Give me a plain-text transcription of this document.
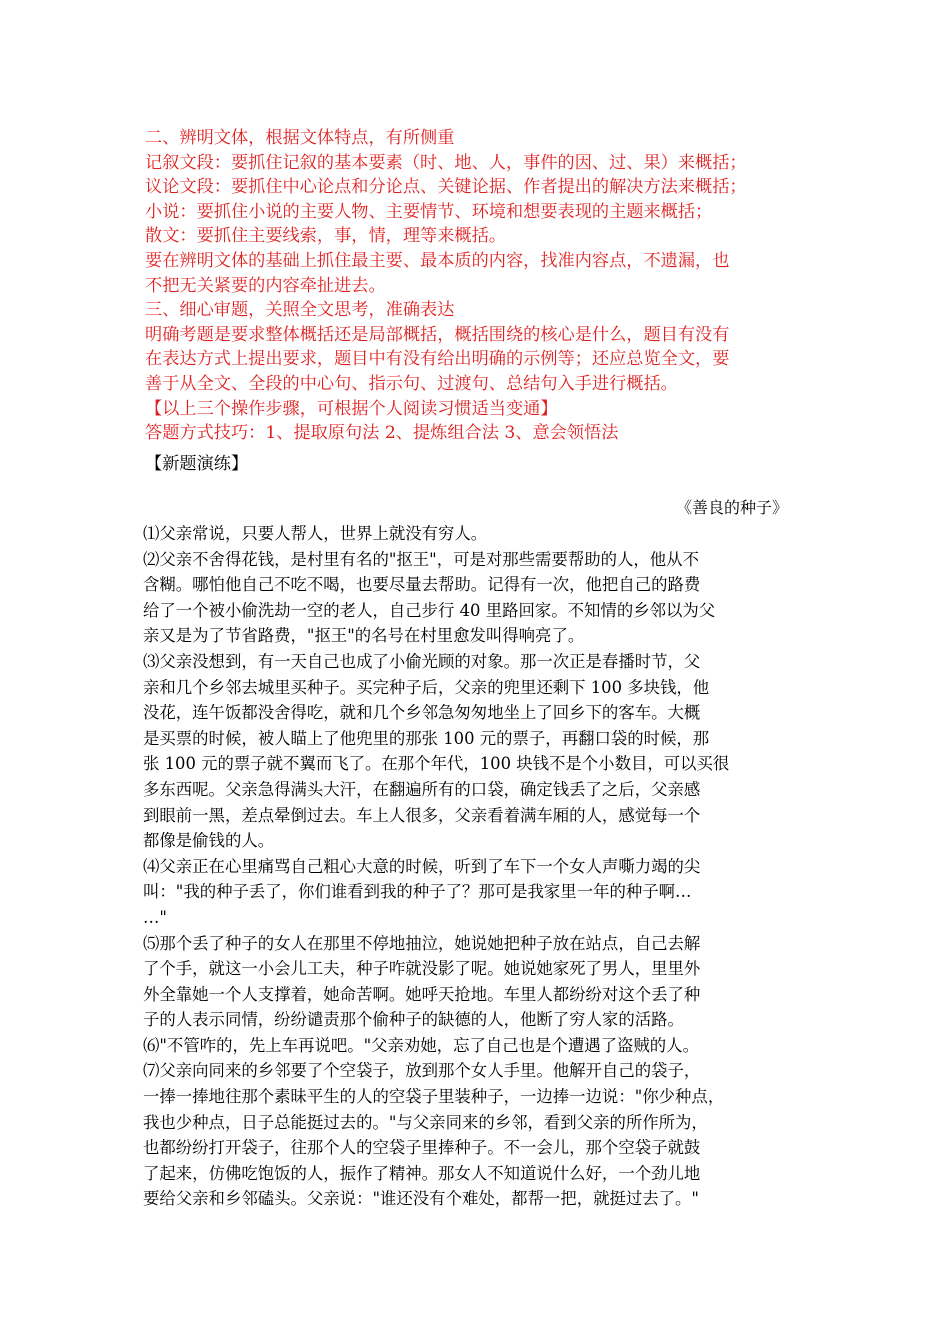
二、辨明文体，根据文体特点，有所侧重
记叙文段：要抓住记叙的基本要素（时、地、人，事件的因、过、果）来概括；
议论文段：要抓住中心论点和分论点、关键论据、作者提出的解决方法来概括；
小说：要抓住小说的主要人物、主要情节、环境和想要表现的主题来概括；
散文：要抓住主要线索，事，情，理等来概括。
要在辨明文体的基础上抓住最主要、最本质的内容，找准内容点，不遗漏，也
不把无关紧要的内容牵扯进去。
三、细心审题，关照全文思考，准确表达
明确考题是要求整体概括还是局部概括，概括围绕的核心是什么，题目有没有
在表达方式上提出要求，题目中有没有给出明确的示例等；还应总览全文，要
善于从全文、全段的中心句、指示句、过渡句、总结句入手进行概括。
【以上三个操作步骤，可根据个人阅读习惯适当变通】
答题方式技巧：1、提取原句法 2、提炼组合法 3、意会领悟法
【新题演练】
《善良的种子》
⑴父亲常说，只要人帮人，世界上就没有穷人。
⑵父亲不舍得花钱，是村里有名的"抠王"，可是对那些需要帮助的人，他从不
含糊。哪怕他自己不吃不喝，也要尽量去帮助。记得有一次，他把自己的路费
给了一个被小偷洗劫一空的老人，自己步行 40 里路回家。不知情的乡邻以为父
亲又是为了节省路费，"抠王"的名号在村里愈发叫得响亮了。
⑶父亲没想到，有一天自己也成了小偷光顾的对象。那一次正是春播时节，父
亲和几个乡邻去城里买种子。买完种子后，父亲的兜里还剩下 100 多块钱，他
没花，连午饭都没舍得吃，就和几个乡邻急匆匆地坐上了回乡下的客车。大概
是买票的时候，被人瞄上了他兜里的那张 100 元的票子，再翻口袋的时候，那
张 100 元的票子就不翼而飞了。在那个年代，100 块钱不是个小数目，可以买很
多东西呢。父亲急得满头大汗，在翻遍所有的口袋，确定钱丢了之后，父亲感
到眼前一黑，差点晕倒过去。车上人很多，父亲看着满车厢的人，感觉每一个
都像是偷钱的人。
⑷父亲正在心里痛骂自己粗心大意的时候，听到了车下一个女人声嘶力竭的尖
叫："我的种子丢了，你们谁看到我的种子了？那可是我家里一年的种子啊…
…"
⑸那个丢了种子的女人在那里不停地抽泣，她说她把种子放在站点，自己去解
了个手，就这一小会儿工夫，种子咋就没影了呢。她说她家死了男人，里里外
外全靠她一个人支撑着，她命苦啊。她呼天抢地。车里人都纷纷对这个丢了种
子的人表示同情，纷纷谴责那个偷种子的缺德的人，他断了穷人家的活路。
⑹"不管咋的，先上车再说吧。"父亲劝她，忘了自己也是个遭遇了盗贼的人。
⑺父亲向同来的乡邻要了个空袋子，放到那个女人手里。他解开自己的袋子，
一捧一捧地往那个素昧平生的人的空袋子里装种子，一边捧一边说："你少种点，
我也少种点，日子总能挺过去的。"与父亲同来的乡邻，看到父亲的所作所为，
也都纷纷打开袋子，往那个人的空袋子里捧种子。不一会儿，那个空袋子就鼓
了起来，仿佛吃饱饭的人，振作了精神。那女人不知道说什么好，一个劲儿地
要给父亲和乡邻磕头。父亲说："谁还没有个难处，都帮一把，就挺过去了。"
